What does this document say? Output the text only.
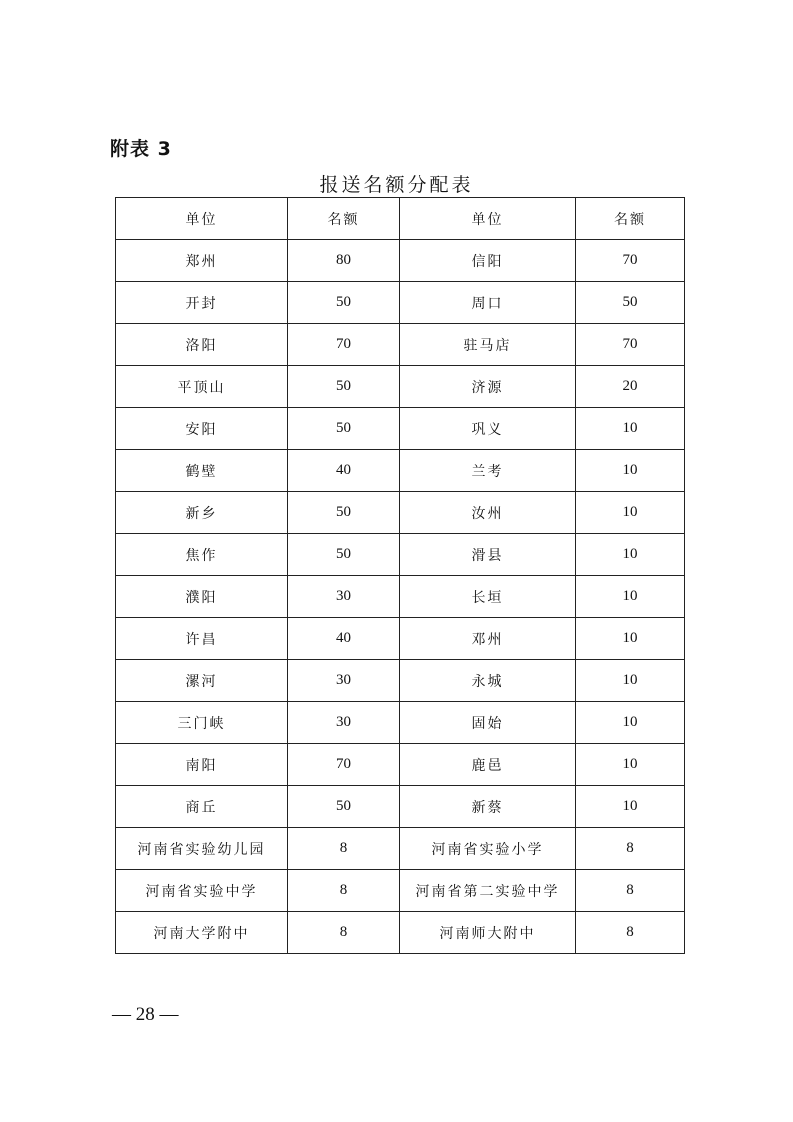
附表 3
报送名额分配表
单位	名额	单位	名额
郑州	80	信阳	70
开封	50	周口	50
洛阳	70	驻马店	70
平顶山	50	济源	20
安阳	50	巩义	10
鹤壁	40	兰考	10
新乡	50	汝州	10
焦作	50	滑县	10
濮阳	30	长垣	10
许昌	40	邓州	10
漯河	30	永城	10
三门峡	30	固始	10
南阳	70	鹿邑	10
商丘	50	新蔡	10
河南省实验幼儿园	8	河南省实验小学	8
河南省实验中学	8	河南省第二实验中学	8
河南大学附中	8	河南师大附中	8
— 28 —
